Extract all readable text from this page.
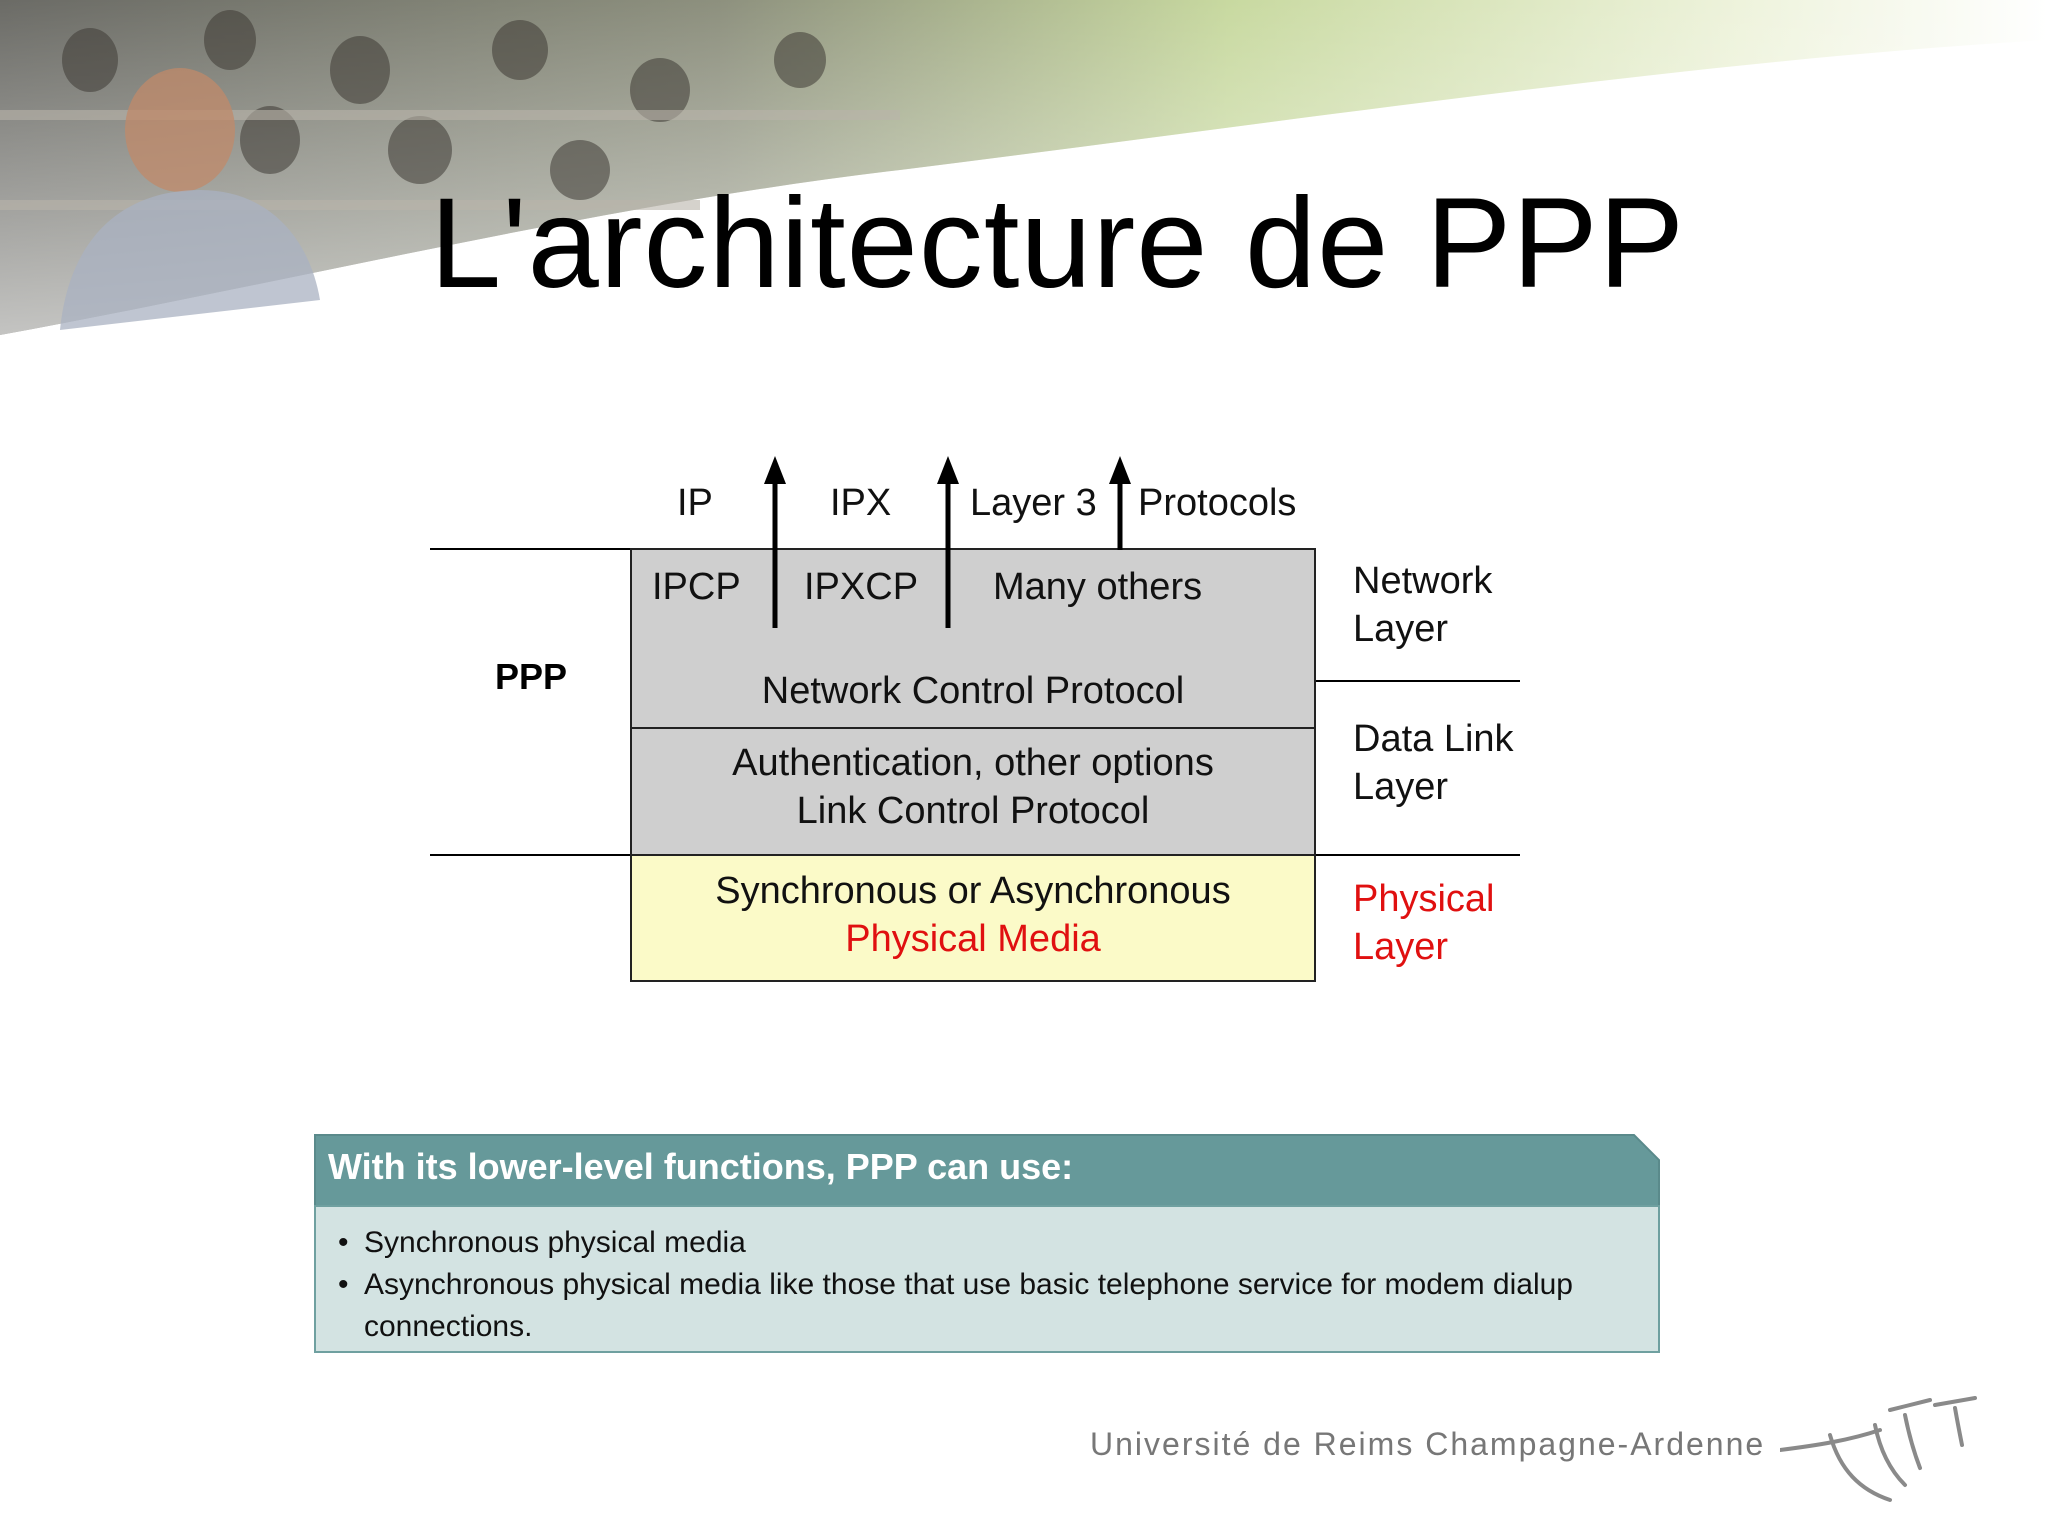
L'architecture de PPP
IP	IPX Layer 3 Protocols
IPCP IPXCP Many others
Network Control Protocol
Authentication, other options
Link Control Protocol
Synchronous or Asynchronous
Physical Media
PPP
Network
Layer
Data Link
Layer
Physical
Layer
With its lower-level functions, PPP can use:
• Synchronous physical media
• Asynchronous physical media like those that use basic telephone service for modem dialup connections.
Université de Reims Champagne-Ardenne
